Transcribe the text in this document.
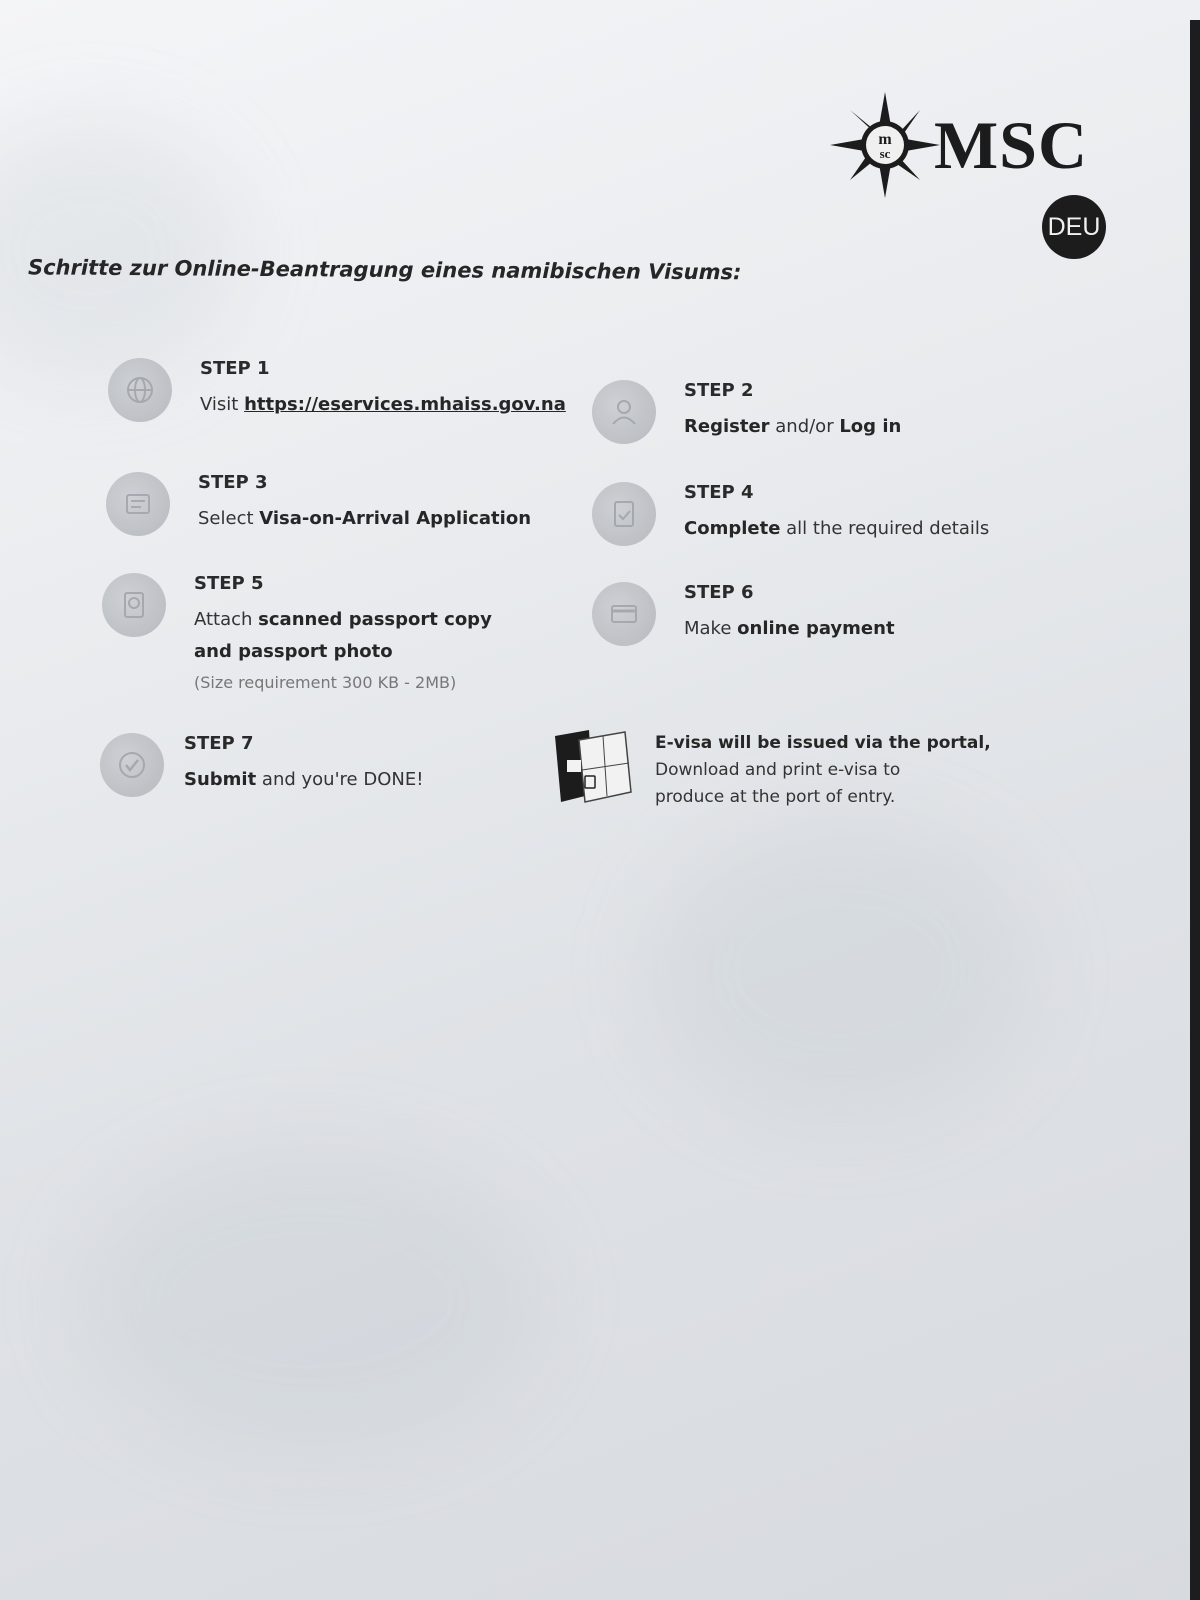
m
sc MSC
DEU
Schritte zur Online-Beantragung eines namibischen Visums:
STEP 1
Visit https://eservices.mhaiss.gov.na
STEP 2
Register and/or Log in
STEP 3
Select Visa-on-Arrival Application
STEP 4
Complete all the required details
STEP 5
Attach scanned passport copy
and passport photo
(Size requirement 300 KB - 2MB)
STEP 6
Make online payment
STEP 7
Submit and you're DONE!
E-visa will be issued via the portal,
Download and print e-visa to
produce at the port of entry.
